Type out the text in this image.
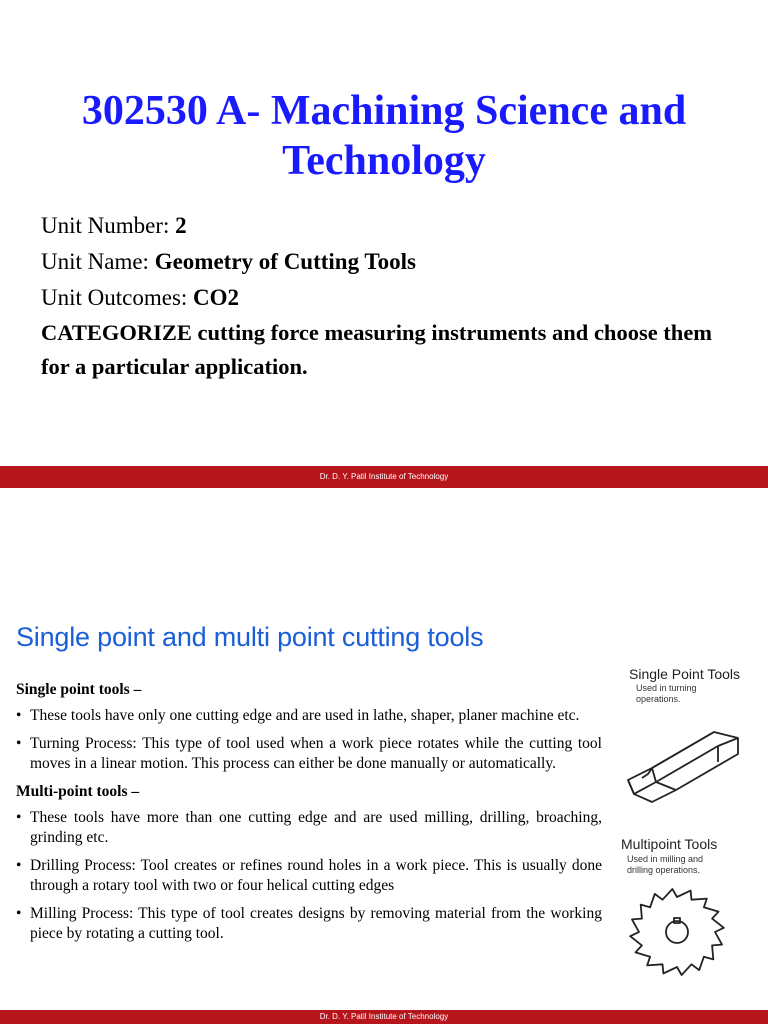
302530 A- Machining Science and Technology
Unit Number: 2
Unit Name: Geometry of Cutting Tools
Unit Outcomes: CO2
CATEGORIZE cutting force measuring instruments and choose them for a particular application.
Dr. D. Y. Patil Institute of Technology
Single point and multi point cutting tools
Single point tools –
• These tools have only one cutting edge and are used in lathe, shaper, planer machine etc.
• Turning Process: This type of tool used when a work piece rotates while the cutting tool moves in a linear motion. This process can either be done manually or automatically.
Multi-point tools –
• These tools have more than one cutting edge and are used milling, drilling, broaching, grinding etc.
• Drilling Process: Tool creates or refines round holes in a work piece. This is usually done through a rotary tool with two or four helical cutting edges
• Milling Process: This type of tool creates designs by removing material from the working piece by rotating a cutting tool.
Single Point Tools
Used in turning operations.
Multipoint Tools
Used in milling and drilling operations.
Dr. D. Y. Patil Institute of Technology
